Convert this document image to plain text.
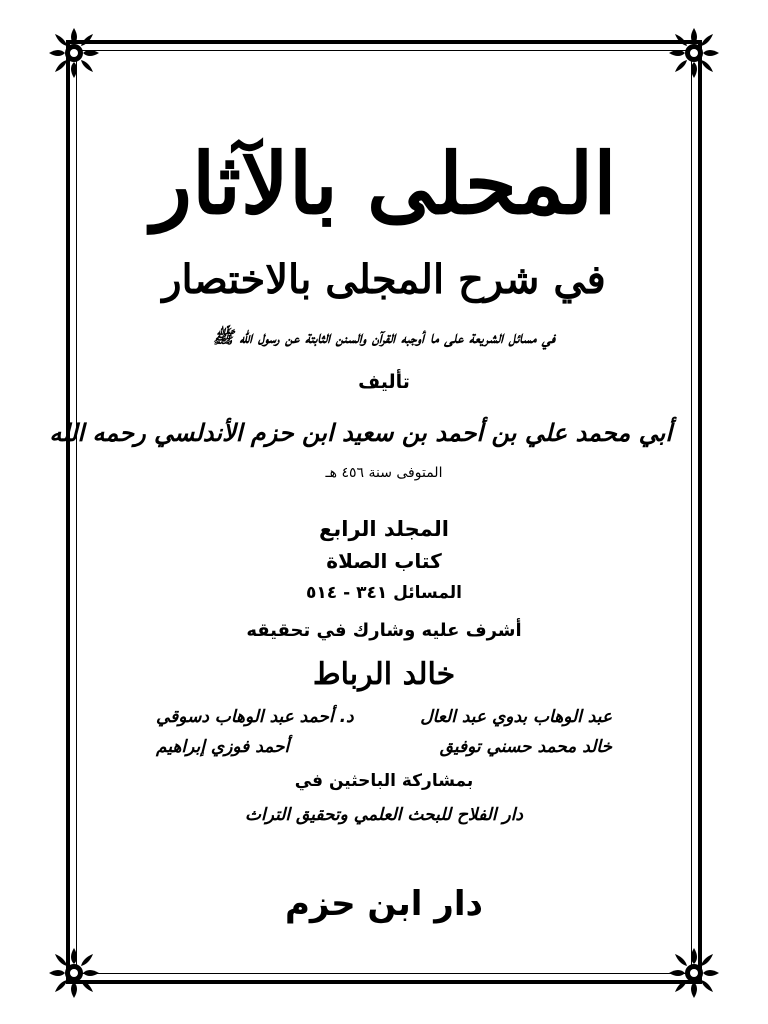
المحلى بالآثار
في شرح المجلى بالاختصار
في مسائل الشريعة على ما أوجبه القرآن والسنن الثابتة عن رسول الله ﷺ
تأليف
أبي محمد علي بن أحمد بن سعيد ابن حزم الأندلسي رحمه الله
المتوفى سنة ٤٥٦ هـ
المجلد الرابع
كتاب الصلاة
المسائل ٣٤١ - ٥١٤
أشرف عليه وشارك في تحقيقه
خالد الرباط
عبد الوهاب بدوي عبد العال
د. أحمد عبد الوهاب دسوقي
خالد محمد حسني توفيق
أحمد فوزي إبراهيم
بمشاركة الباحثين في
دار الفلاح للبحث العلمي وتحقيق التراث
دار ابن حزم
